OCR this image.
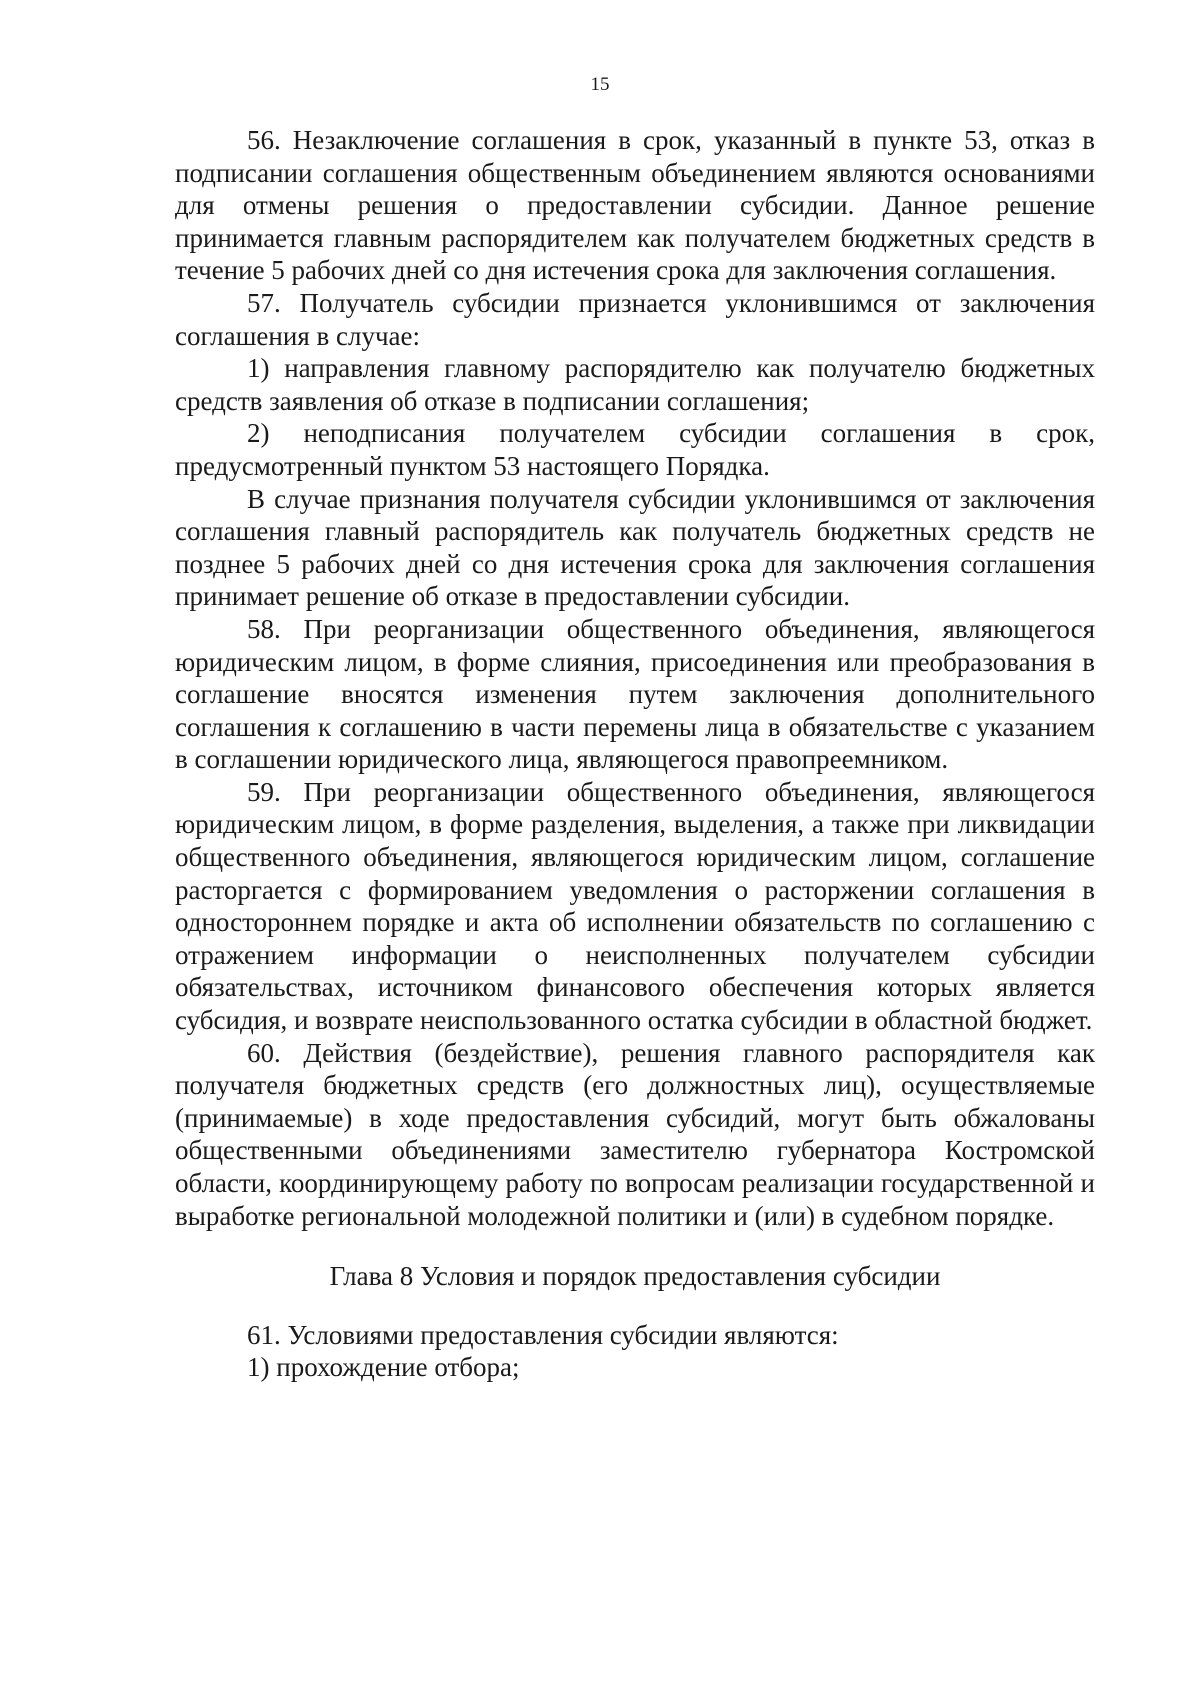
15

56. Незаключение соглашения в срок, указанный в пункте 53, отказ в подписании соглашения общественным объединением являются основаниями для отмены решения о предоставлении субсидии. Данное решение принимается главным распорядителем как получателем бюджетных средств в течение 5 рабочих дней со дня истечения срока для заключения соглашения.

57. Получатель субсидии признается уклонившимся от заключения соглашения в случае:

1) направления главному распорядителю как получателю бюджетных средств заявления об отказе в подписании соглашения;

2) неподписания получателем субсидии соглашения в срок, предусмотренный пунктом 53 настоящего Порядка.

В случае признания получателя субсидии уклонившимся от заключения соглашения главный распорядитель как получатель бюджетных средств не позднее 5 рабочих дней со дня истечения срока для заключения соглашения принимает решение об отказе в предоставлении субсидии.

58. При реорганизации общественного объединения, являющегося юридическим лицом, в форме слияния, присоединения или преобразования в соглашение вносятся изменения путем заключения дополнительного соглашения к соглашению в части перемены лица в обязательстве с указанием в соглашении юридического лица, являющегося правопреемником.

59. При реорганизации общественного объединения, являющегося юридическим лицом, в форме разделения, выделения, а также при ликвидации общественного объединения, являющегося юридическим лицом, соглашение расторгается с формированием уведомления о расторжении соглашения в одностороннем порядке и акта об исполнении обязательств по соглашению с отражением информации о неисполненных получателем субсидии обязательствах, источником финансового обеспечения которых является субсидия, и возврате неиспользованного остатка субсидии в областной бюджет.

60. Действия (бездействие), решения главного распорядителя как получателя бюджетных средств (его должностных лиц), осуществляемые (принимаемые) в ходе предоставления субсидий, могут быть обжалованы общественными объединениями заместителю губернатора Костромской области, координирующему работу по вопросам реализации государственной и выработке региональной молодежной политики и (или) в судебном порядке.

Глава 8 Условия и порядок предоставления субсидии

61. Условиями предоставления субсидии являются:

1) прохождение отбора;
